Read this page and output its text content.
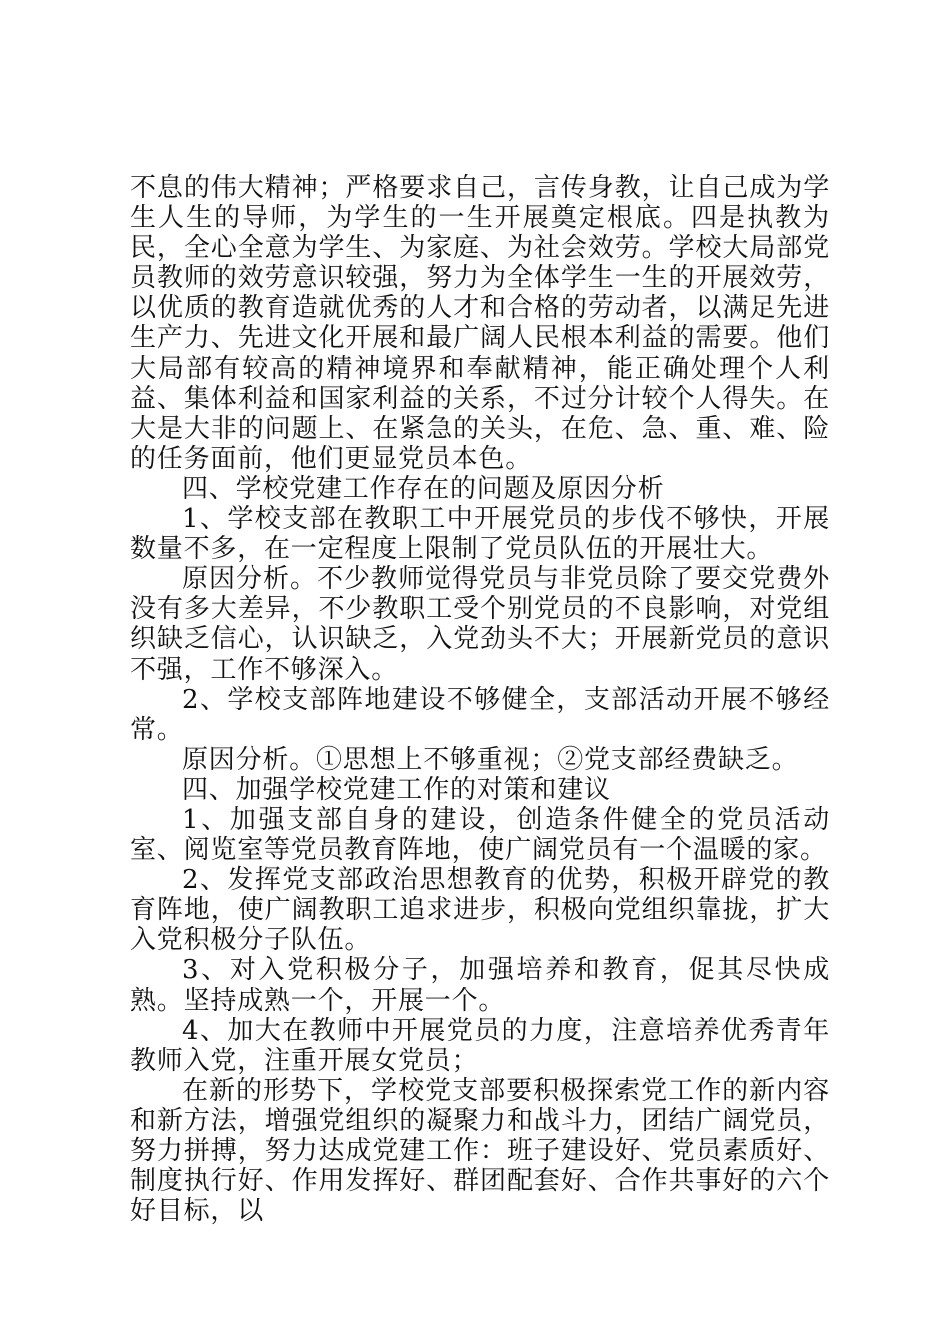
不息的伟大精神；严格要求自己，言传身教，让自己成为学生人生的导师，为学生的一生开展奠定根底。四是执教为民，全心全意为学生、为家庭、为社会效劳。学校大局部党员教师的效劳意识较强，努力为全体学生一生的开展效劳，以优质的教育造就优秀的人才和合格的劳动者，以满足先进生产力、先进文化开展和最广阔人民根本利益的需要。他们大局部有较高的精神境界和奉献精神，能正确处理个人利益、集体利益和国家利益的关系，不过分计较个人得失。在大是大非的问题上、在紧急的关头，在危、急、重、难、险的任务面前，他们更显党员本色。

四、学校党建工作存在的问题及原因分析

1、学校支部在教职工中开展党员的步伐不够快，开展数量不多，在一定程度上限制了党员队伍的开展壮大。

原因分析。不少教师觉得党员与非党员除了要交党费外没有多大差异，不少教职工受个别党员的不良影响，对党组织缺乏信心，认识缺乏，入党劲头不大；开展新党员的意识不强，工作不够深入。

2、学校支部阵地建设不够健全，支部活动开展不够经常。

原因分析。①思想上不够重视；②党支部经费缺乏。

四、加强学校党建工作的对策和建议

1、加强支部自身的建设，创造条件健全的党员活动室、阅览室等党员教育阵地，使广阔党员有一个温暖的家。

2、发挥党支部政治思想教育的优势，积极开辟党的教育阵地，使广阔教职工追求进步，积极向党组织靠拢，扩大入党积极分子队伍。

3、对入党积极分子，加强培养和教育，促其尽快成熟。坚持成熟一个，开展一个。

4、加大在教师中开展党员的力度，注意培养优秀青年教师入党，注重开展女党员；

在新的形势下，学校党支部要积极探索党工作的新内容和新方法，增强党组织的凝聚力和战斗力，团结广阔党员，努力拼搏，努力达成党建工作：班子建设好、党员素质好、制度执行好、作用发挥好、群团配套好、合作共事好的六个好目标，以
